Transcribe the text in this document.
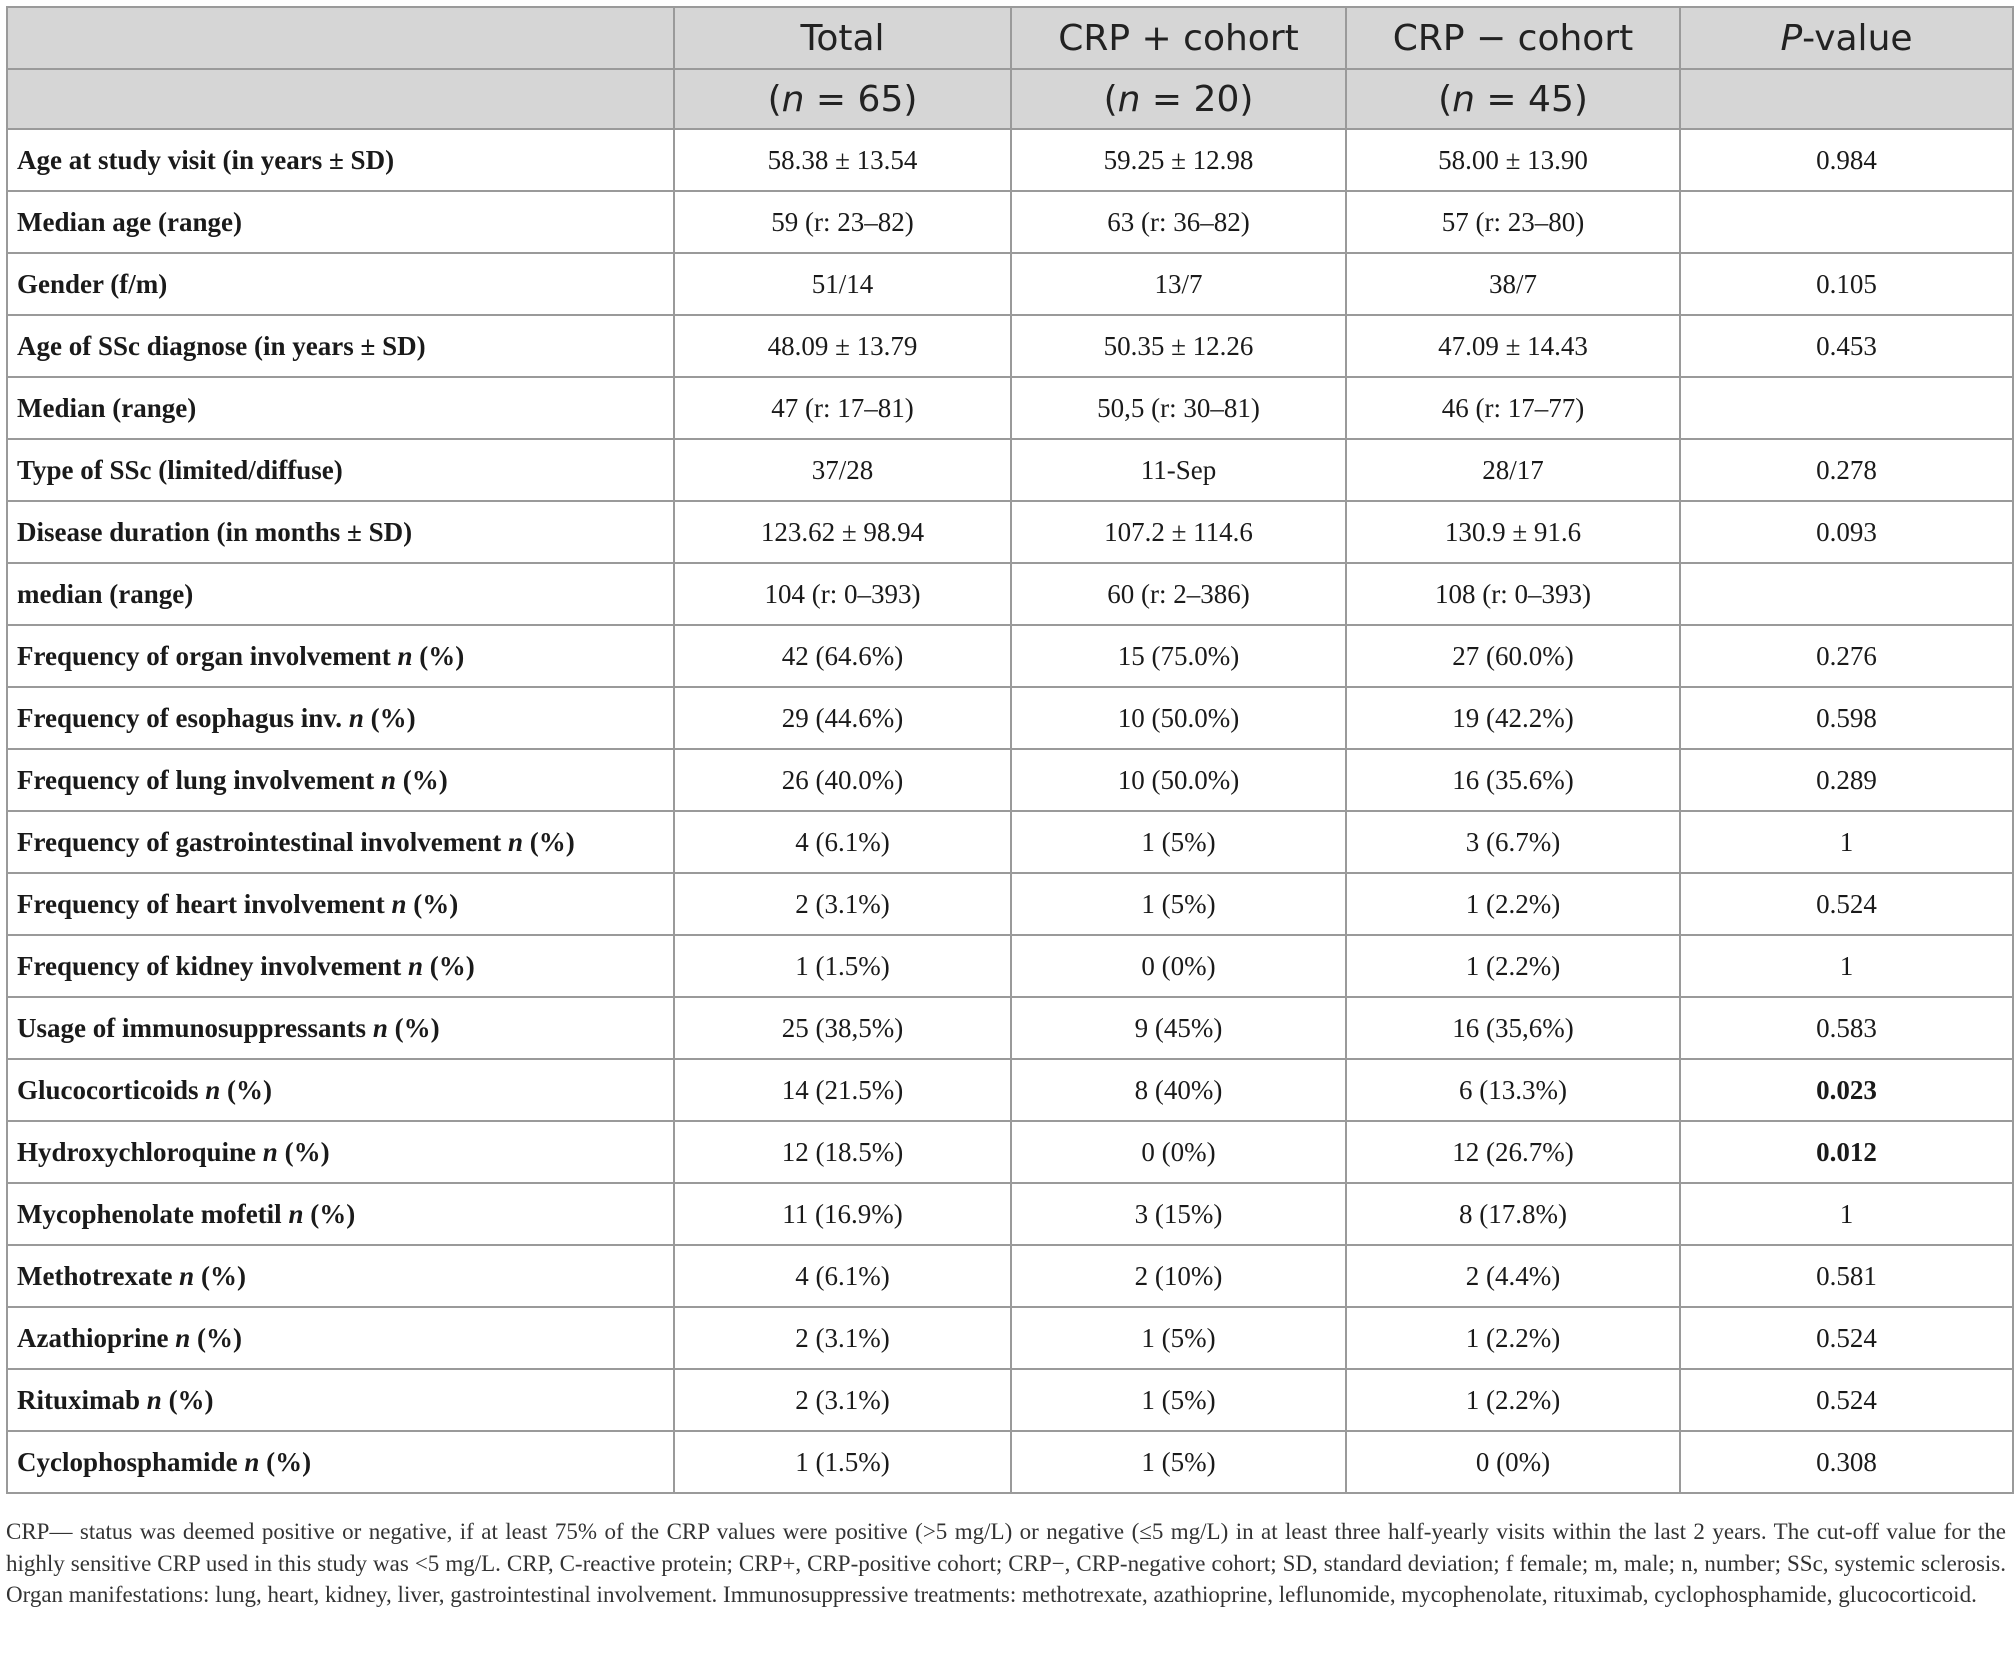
	Total	CRP + cohort	CRP − cohort	P-value
	(n = 65)	(n = 20)	(n = 45)	
Age at study visit (in years ± SD)	58.38 ± 13.54	59.25 ± 12.98	58.00 ± 13.90	0.984
Median age (range)	59 (r: 23–82)	63 (r: 36–82)	57 (r: 23–80)	
Gender (f/m)	51/14	13/7	38/7	0.105
Age of SSc diagnose (in years ± SD)	48.09 ± 13.79	50.35 ± 12.26	47.09 ± 14.43	0.453
Median (range)	47 (r: 17–81)	50,5 (r: 30–81)	46 (r: 17–77)	
Type of SSc (limited/diffuse)	37/28	11-Sep	28/17	0.278
Disease duration (in months ± SD)	123.62 ± 98.94	107.2 ± 114.6	130.9 ± 91.6	0.093
median (range)	104 (r: 0–393)	60 (r: 2–386)	108 (r: 0–393)	
Frequency of organ involvement n (%)	42 (64.6%)	15 (75.0%)	27 (60.0%)	0.276
Frequency of esophagus inv. n (%)	29 (44.6%)	10 (50.0%)	19 (42.2%)	0.598
Frequency of lung involvement n (%)	26 (40.0%)	10 (50.0%)	16 (35.6%)	0.289
Frequency of gastrointestinal involvement n (%)	4 (6.1%)	1 (5%)	3 (6.7%)	1
Frequency of heart involvement n (%)	2 (3.1%)	1 (5%)	1 (2.2%)	0.524
Frequency of kidney involvement n (%)	1 (1.5%)	0 (0%)	1 (2.2%)	1
Usage of immunosuppressants n (%)	25 (38,5%)	9 (45%)	16 (35,6%)	0.583
Glucocorticoids n (%)	14 (21.5%)	8 (40%)	6 (13.3%)	0.023
Hydroxychloroquine n (%)	12 (18.5%)	0 (0%)	12 (26.7%)	0.012
Mycophenolate mofetil n (%)	11 (16.9%)	3 (15%)	8 (17.8%)	1
Methotrexate n (%)	4 (6.1%)	2 (10%)	2 (4.4%)	0.581
Azathioprine n (%)	2 (3.1%)	1 (5%)	1 (2.2%)	0.524
Rituximab n (%)	2 (3.1%)	1 (5%)	1 (2.2%)	0.524
Cyclophosphamide n (%)	1 (1.5%)	1 (5%)	0 (0%)	0.308
CRP— status was deemed positive or negative, if at least 75% of the CRP values were positive (>5 mg/L) or negative (≤5 mg/L) in at least three half-yearly visits within the last 2 years. The cut-off value for the highly sensitive CRP used in this study was <5 mg/L. CRP, C-reactive protein; CRP+, CRP-positive cohort; CRP−, CRP-negative cohort; SD, standard deviation; f female; m, male; n, number; SSc, systemic sclerosis. Organ manifestations: lung, heart, kidney, liver, gastrointestinal involvement. Immunosuppressive treatments: methotrexate, azathioprine, leflunomide, mycophenolate, rituximab, cyclophosphamide, glucocorticoid.
